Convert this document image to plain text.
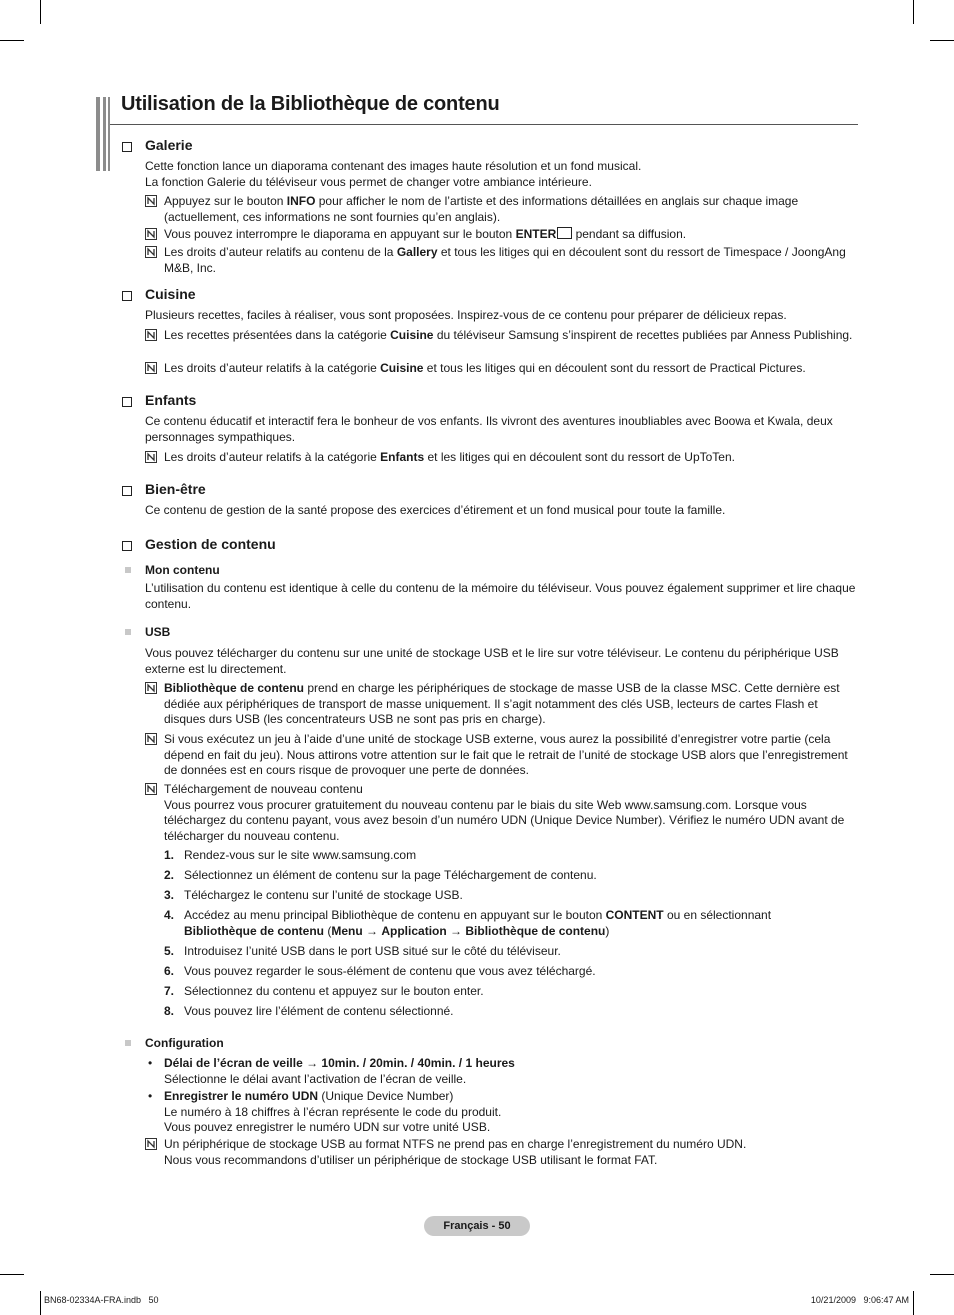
Utilisation de la Bibliothèque de contenu
Galerie
Cette fonction lance un diaporama contenant des images haute résolution et un fond musical.
La fonction Galerie du téléviseur vous permet de changer votre ambiance intérieure.
Appuyez sur le bouton INFO pour afficher le nom de l’artiste et des informations détaillées en anglais sur chaque image (actuellement, ces informations ne sont fournies qu’en anglais).
Vous pouvez interrompre le diaporama en appuyant sur le bouton ENTER pendant sa diffusion.
Les droits d’auteur relatifs au contenu de la Gallery et tous les litiges qui en découlent sont du ressort de Timespace / JoongAng M&B, Inc.
Cuisine
Plusieurs recettes, faciles à réaliser, vous sont proposées. Inspirez-vous de ce contenu pour préparer de délicieux repas.
Les recettes présentées dans la catégorie Cuisine du téléviseur Samsung s’inspirent de recettes publiées par Anness Publishing.
Les droits d’auteur relatifs à la catégorie Cuisine et tous les litiges qui en découlent sont du ressort de Practical Pictures.
Enfants
Ce contenu éducatif et interactif fera le bonheur de vos enfants. Ils vivront des aventures inoubliables avec Boowa et Kwala, deux personnages sympathiques.
Les droits d’auteur relatifs à la catégorie Enfants et les litiges qui en découlent sont du ressort de UpToTen.
Bien-être
Ce contenu de gestion de la santé propose des exercices d’étirement et un fond musical pour toute la famille.
Gestion de contenu
Mon contenu
L’utilisation du contenu est identique à celle du contenu de la mémoire du téléviseur. Vous pouvez également supprimer et lire chaque contenu.
USB
Vous pouvez télécharger du contenu sur une unité de stockage USB et le lire sur votre téléviseur. Le contenu du périphérique USB externe est lu directement.
Bibliothèque de contenu prend en charge les périphériques de stockage de masse USB de la classe MSC. Cette dernière est dédiée aux périphériques de transport de masse uniquement. Il s’agit notamment des clés USB, lecteurs de cartes Flash et disques durs USB (les concentrateurs USB ne sont pas pris en charge).
Si vous exécutez un jeu à l’aide d’une unité de stockage USB externe, vous aurez la possibilité d’enregistrer votre partie (cela dépend en fait du jeu). Nous attirons votre attention sur le fait que le retrait de l’unité de stockage USB alors que l’enregistrement de données est en cours risque de provoquer une perte de données.
Téléchargement de nouveau contenu
Vous pourrez vous procurer gratuitement du nouveau contenu par le biais du site Web www.samsung.com. Lorsque vous téléchargez du contenu payant, vous avez besoin d’un numéro UDN (Unique Device Number). Vérifiez le numéro UDN avant de télécharger du nouveau contenu.
1. Rendez-vous sur le site www.samsung.com
2. Sélectionnez un élément de contenu sur la page Téléchargement de contenu.
3. Téléchargez le contenu sur l’unité de stockage USB.
4. Accédez au menu principal Bibliothèque de contenu en appuyant sur le bouton CONTENT ou en sélectionnant
Bibliothèque de contenu (Menu → Application → Bibliothèque de contenu)
5. Introduisez l’unité USB dans le port USB situé sur le côté du téléviseur.
6. Vous pouvez regarder le sous-élément de contenu que vous avez téléchargé.
7. Sélectionnez du contenu et appuyez sur le bouton enter.
8. Vous pouvez lire l’élément de contenu sélectionné.
Configuration
• Délai de l’écran de veille → 10min. / 20min. / 40min. / 1 heures
Sélectionne le délai avant l’activation de l’écran de veille.
• Enregistrer le numéro UDN (Unique Device Number)
Le numéro à 18 chiffres à l’écran représente le code du produit.
Vous pouvez enregistrer le numéro UDN sur votre unité USB.
Un périphérique de stockage USB au format NTFS ne prend pas en charge l’enregistrement du numéro UDN.
Nous vous recommandons d’utiliser un périphérique de stockage USB utilisant le format FAT.
Français - 50
BN68-02334A-FRA.indb   50	10/21/2009   9:06:47 AM
